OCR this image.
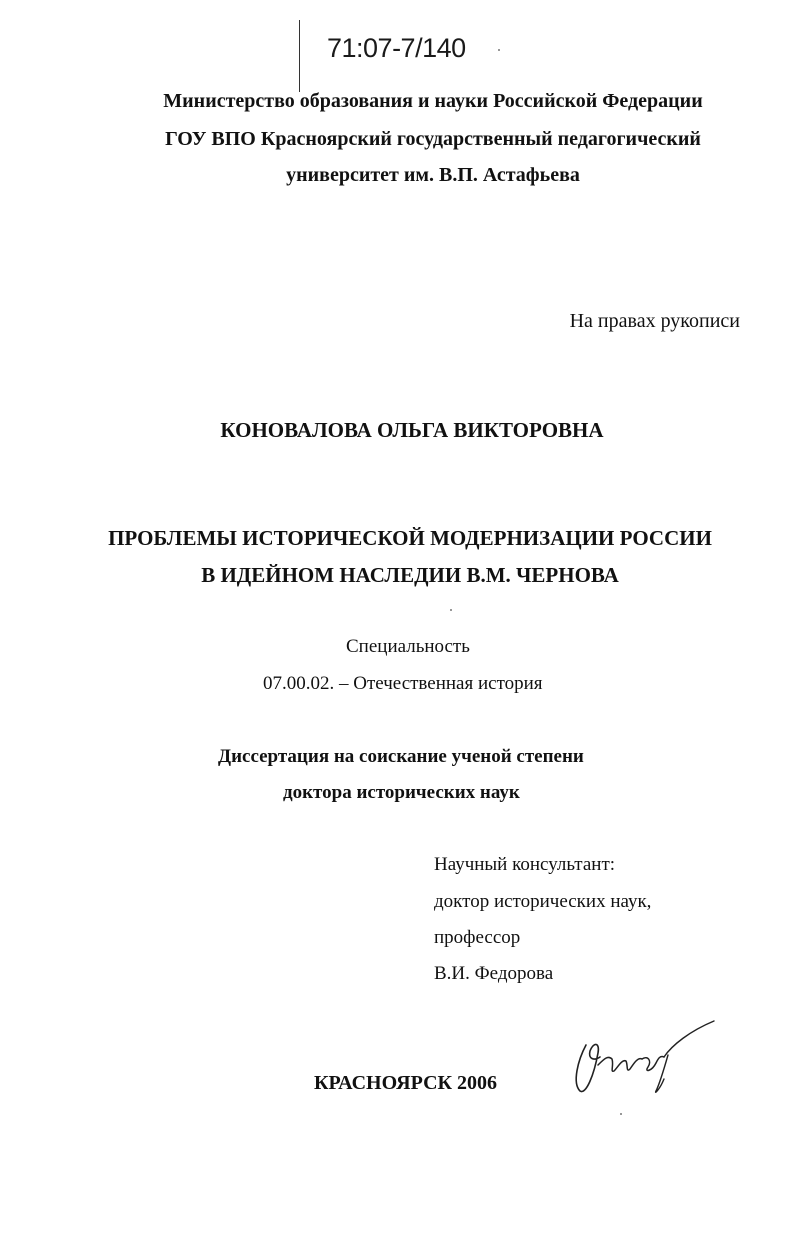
71:07-7/140
Министерство образования и науки Российской Федерации
ГОУ ВПО Красноярский государственный педагогический
университет им. В.П. Астафьева
На правах рукописи
КОНОВАЛОВА ОЛЬГА ВИКТОРОВНА
ПРОБЛЕМЫ ИСТОРИЧЕСКОЙ МОДЕРНИЗАЦИИ РОССИИ
В ИДЕЙНОМ НАСЛЕДИИ В.М. ЧЕРНОВА
Специальность
07.00.02. – Отечественная история
Диссертация на соискание ученой степени
доктора исторических наук
Научный консультант:
доктор исторических наук,
профессор
В.И. Федорова
КРАСНОЯРСК 2006
